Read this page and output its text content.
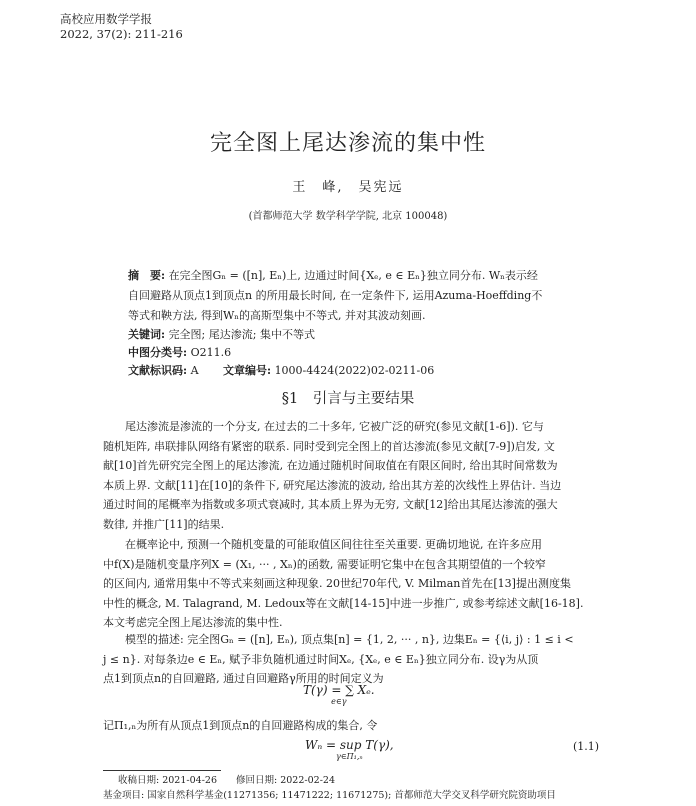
高校应用数学学报
2022, 37(2): 211-216
完全图上尾达渗流的集中性
王　峰,　吴宪远
(首都师范大学 数学科学学院, 北京 100048)
摘　要: 在完全图Gₙ = ([n], Eₙ)上, 边通过时间{Xₑ, e ∈ Eₙ}独立同分布. Wₙ表示经
自回避路从顶点1到顶点n 的所用最长时间, 在一定条件下, 运用Azuma-Hoeffding不
等式和鞅方法, 得到Wₙ的高斯型集中不等式, 并对其波动刻画.
关键词: 完全图; 尾达渗流; 集中不等式
中图分类号: O211.6
文献标识码: A 文章编号: 1000-4424(2022)02-0211-06
§1　引言与主要结果
尾达渗流是渗流的一个分支, 在过去的二十多年, 它被广泛的研究(参见文献[1-6]). 它与
随机矩阵, 串联排队网络有紧密的联系. 同时受到完全图上的首达渗流(参见文献[7-9])启发, 文
献[10]首先研究完全图上的尾达渗流, 在边通过随机时间取值在有限区间时, 给出其时间常数为
本质上界. 文献[11]在[10]的条件下, 研究尾达渗流的波动, 给出其方差的次线性上界估计. 当边
通过时间的尾概率为指数或多项式衰减时, 其本质上界为无穷, 文献[12]给出其尾达渗流的强大
数律, 并推广[11]的结果.
在概率论中, 预测一个随机变量的可能取值区间往往至关重要. 更确切地说, 在许多应用
中f(X)是随机变量序列X = (X₁, ··· , Xₙ)的函数, 需要证明它集中在包含其期望值的一个较窄
的区间内, 通常用集中不等式来刻画这种现象. 20世纪70年代, V. Milman首先在[13]提出测度集
中性的概念, M. Talagrand, M. Ledoux等在文献[14-15]中进一步推广, 或参考综述文献[16-18].
本文考虑完全图上尾达渗流的集中性.
模型的描述: 完全图Gₙ = ([n], Eₙ), 顶点集[n] = {1, 2, ··· , n}, 边集Eₙ = {⟨i, j⟩ : 1 ≤ i <
j ≤ n}. 对每条边e ∈ Eₙ, 赋予非负随机通过时间Xₑ, {Xₑ, e ∈ Eₙ}独立同分布. 设γ为从顶
点1到顶点n的自回避路, 通过自回避路γ所用的时间定义为
T(γ) = ∑ Xₑ.
e∈γ
记Π₁,ₙ为所有从顶点1到顶点n的自回避路构成的集合, 令
Wₙ = sup T(γ),
γ∈Π₁,ₙ
(1.1)
收稿日期: 2021-04-26　　修回日期: 2022-02-24
基金项目: 国家自然科学基金(11271356; 11471222; 11671275); 首都师范大学交叉科学研究院资助项目
